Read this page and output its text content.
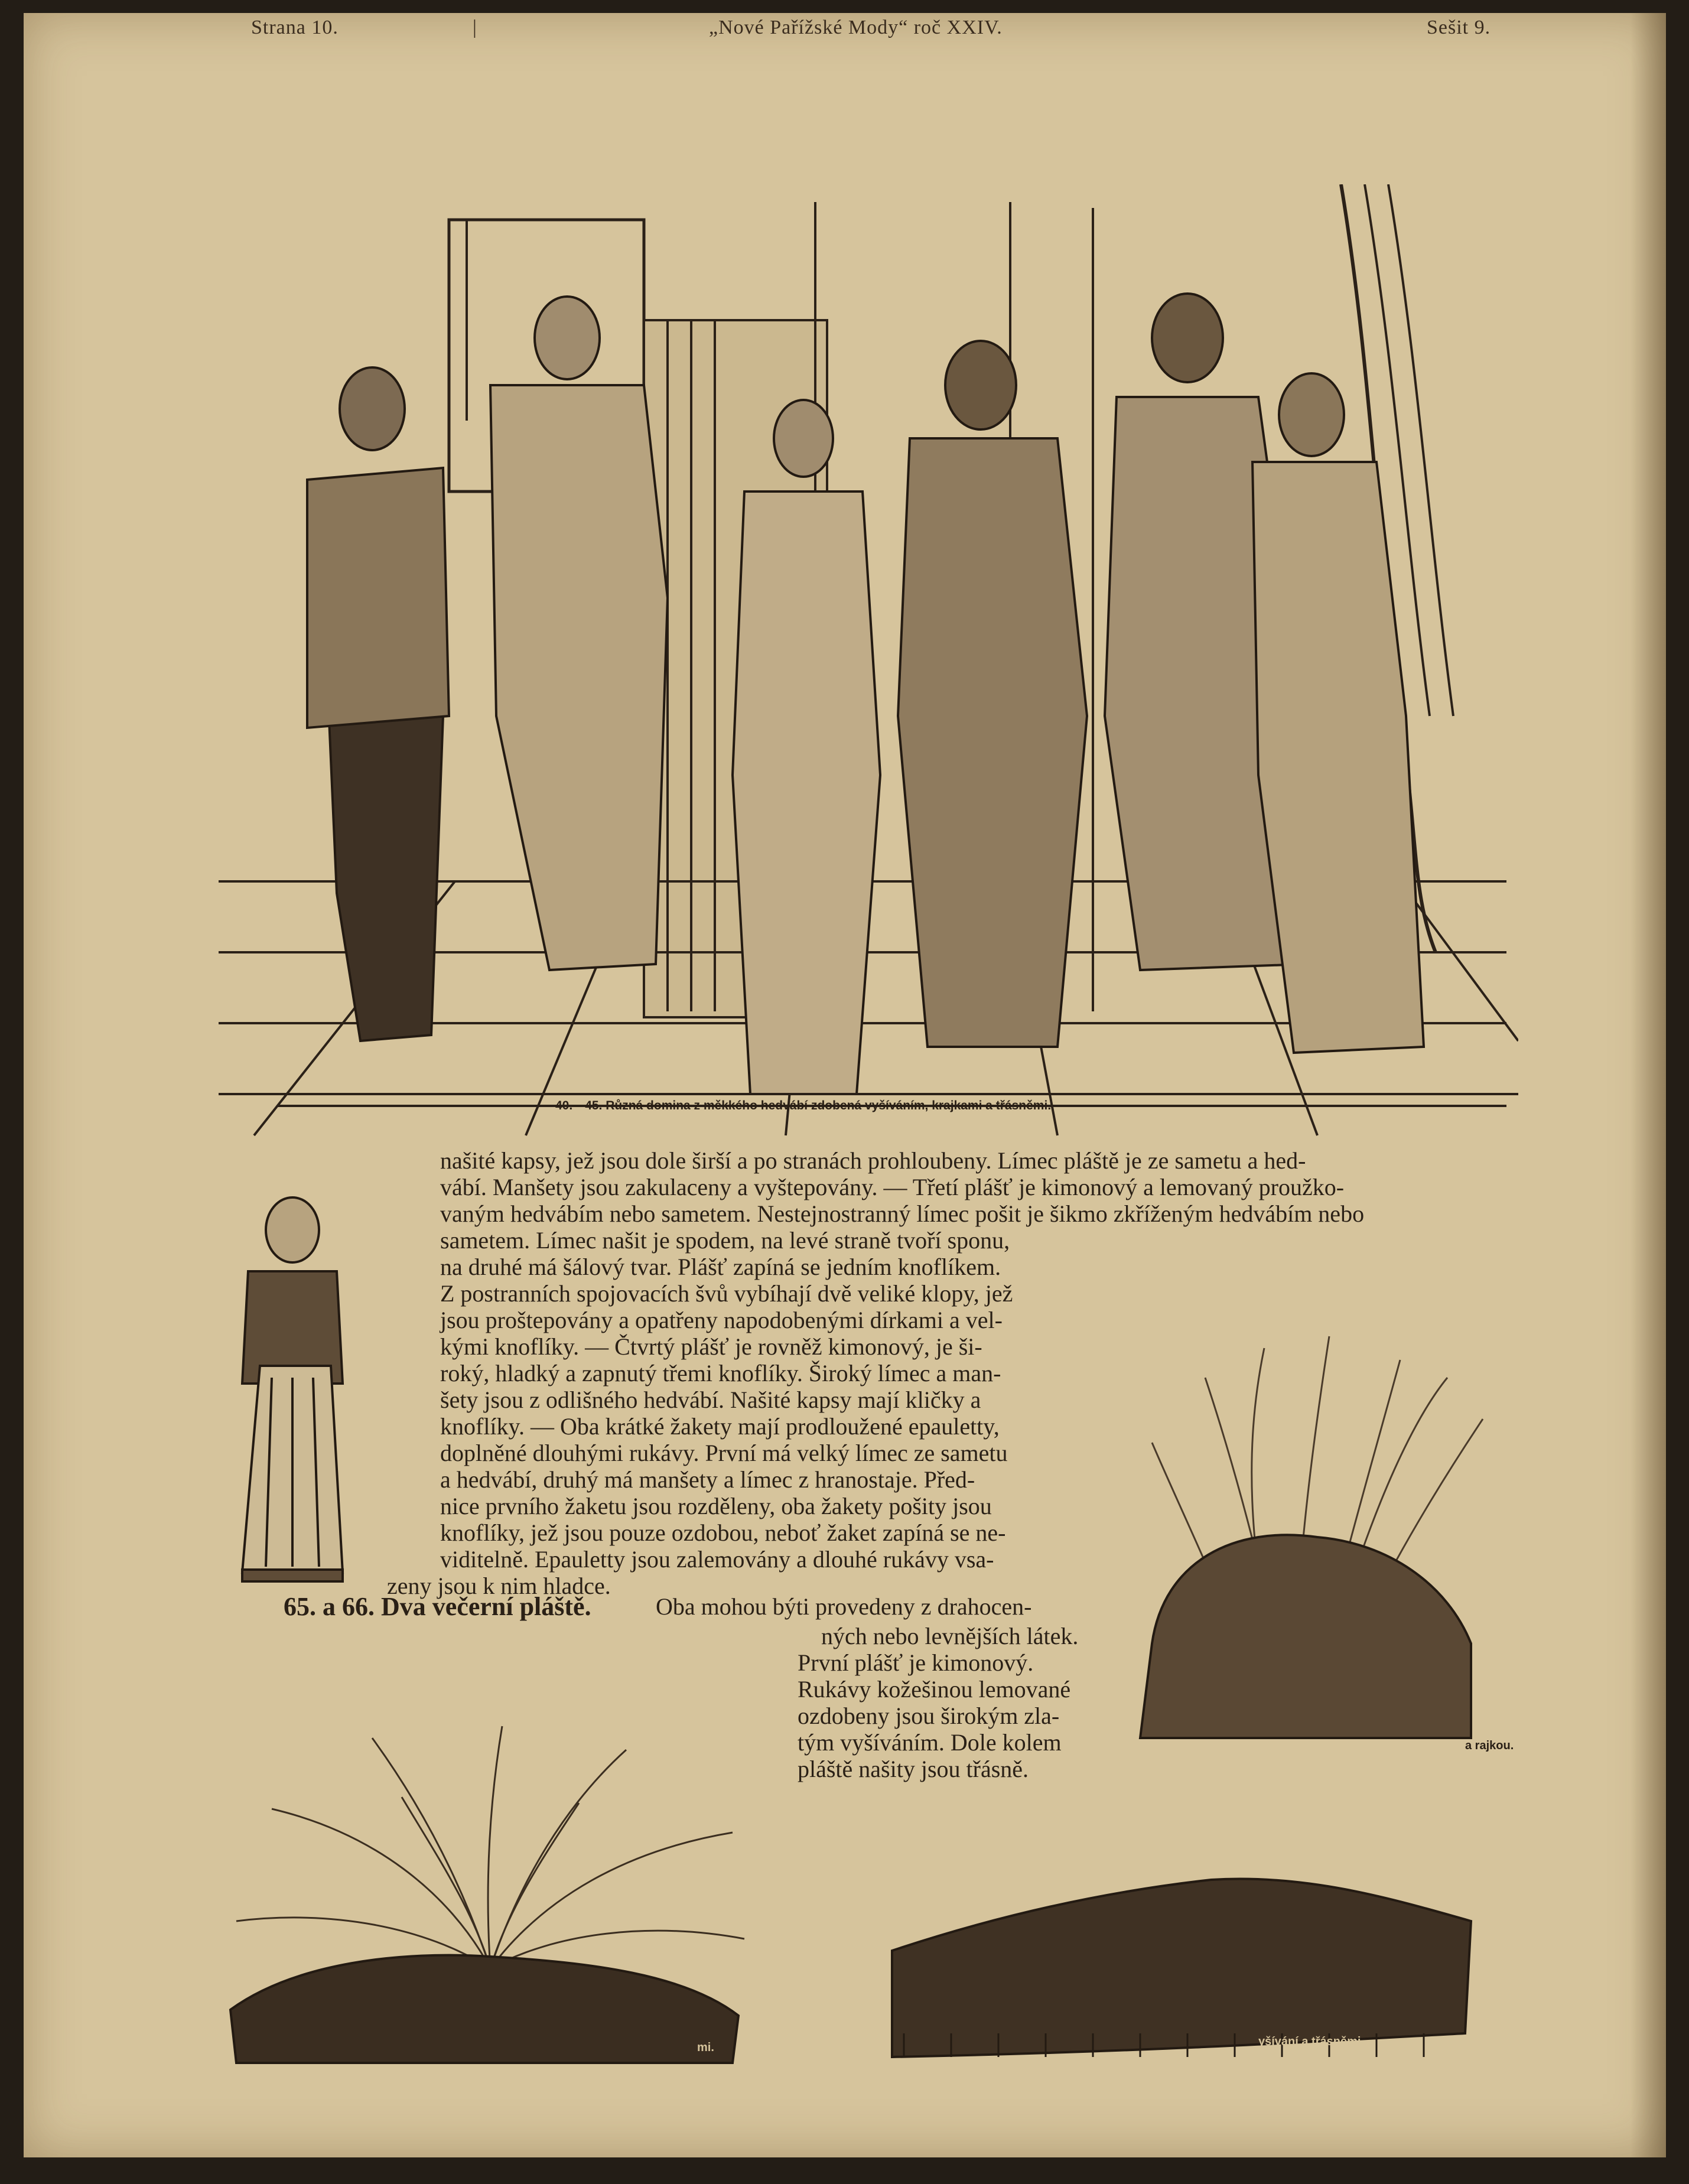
Strana 10.	|	„Nové Pařížské Mody“ roč XXIV.	Sešit 9.
40.—45. Různá domina z měkkého hedvábí zdobená vyšíváním, krajkami a třásněmi.
našité kapsy, jež jsou dole širší a po stranách prohloubeny. Límec pláště je ze sametu a hed-
vábí. Manšety jsou zakulaceny a vyštepovány. — Třetí plášť je kimonový a lemovaný proužko-
vaným hedvábím nebo sametem. Nestejnostranný límec pošit je šikmo zkříženým hedvábím nebo
sametem. Límec našit je spodem, na levé straně tvoří sponu,
na druhé má šálový tvar. Plášť zapíná se jedním knoflíkem.
Z postranních spojovacích švů vybíhají dvě veliké klopy, jež
jsou proštepovány a opatřeny napodobenými dírkami a vel-
kými knoflíky. — Čtvrtý plášť je rovněž kimonový, je ši-
roký, hladký a zapnutý třemi knoflíky. Široký límec a man-
šety jsou z odlišného hedvábí. Našité kapsy mají kličky a
knoflíky. — Oba krátké žakety mají prodloužené epauletty,
doplněné dlouhými rukávy. První má velký límec ze sametu
a hedvábí, druhý má manšety a límec z hranostaje. Před-
nice prvního žaketu jsou rozděleny, oba žakety pošity jsou
knoflíky, jež jsou pouze ozdobou, neboť žaket zapíná se ne-
viditelně. Epauletty jsou zalemovány a dlouhé rukávy vsa-
zeny jsou k nim hladce.
65. a 66. Dva večerní pláště.	Oba mohou býti provedeny z drahocen-
ných nebo levnějších látek.
První plášť je kimonový.
Rukávy kožešinou lemované
ozdobeny jsou širokým zla-
tým vyšíváním. Dole kolem
pláště našity jsou třásně.
a rajkou.
mi.	yšívání a třásněmi.
